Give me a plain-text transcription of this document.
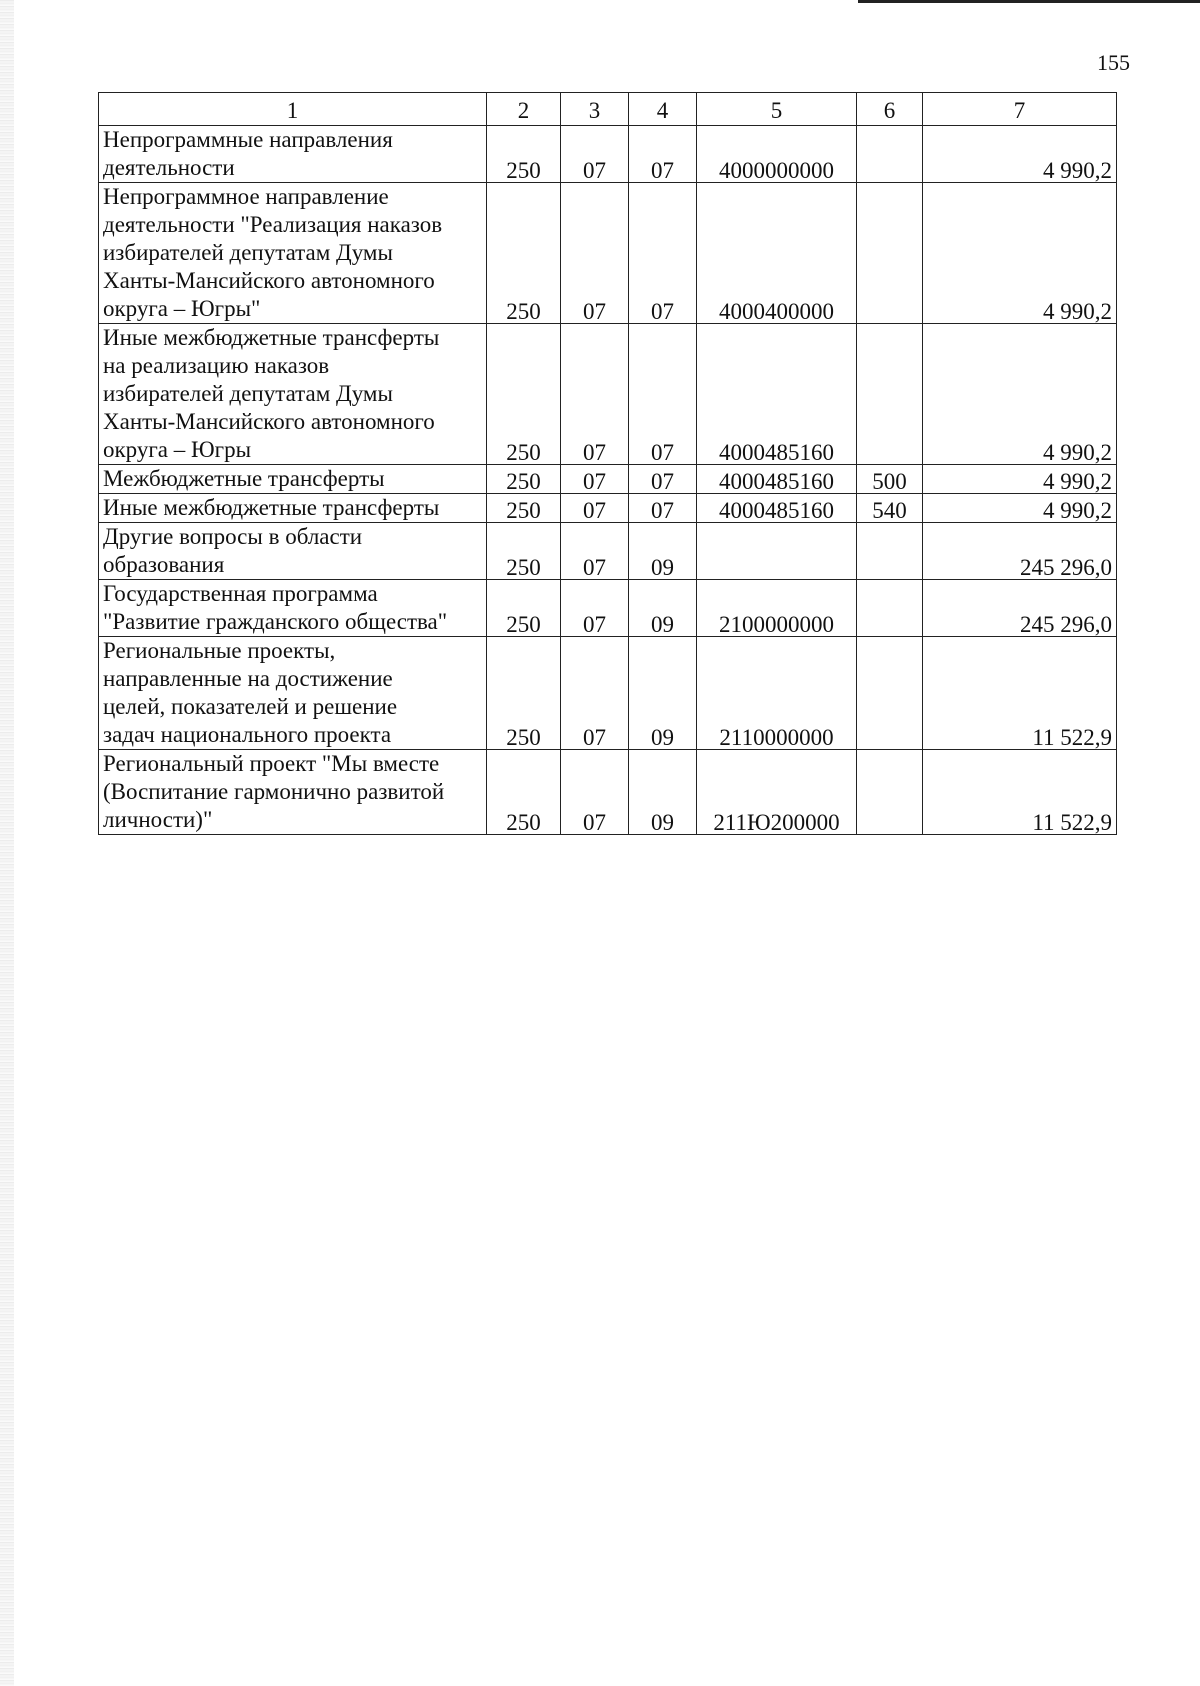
155
1	2	3	4	5	6	7

Непрограммные направления
деятельности	250	07	07	4000000000		4 990,2

Непрограммное направление
деятельности "Реализация наказов
избирателей депутатам Думы
Ханты-Мансийского автономного
округа – Югры"	250	07	07	4000400000		4 990,2

Иные межбюджетные трансферты
на реализацию наказов
избирателей депутатам Думы
Ханты-Мансийского автономного
округа – Югры	250	07	07	4000485160		4 990,2

Межбюджетные трансферты	250	07	07	4000485160	500	4 990,2

Иные межбюджетные трансферты	250	07	07	4000485160	540	4 990,2

Другие вопросы в области
образования	250	07	09			245 296,0

Государственная программа
"Развитие гражданского общества"	250	07	09	2100000000		245 296,0

Региональные проекты,
направленные на достижение
целей, показателей и решение
задач национального проекта	250	07	09	2110000000		11 522,9

Региональный проект "Мы вместе
(Воспитание гармонично развитой
личности)"	250	07	09	211Ю200000		11 522,9
